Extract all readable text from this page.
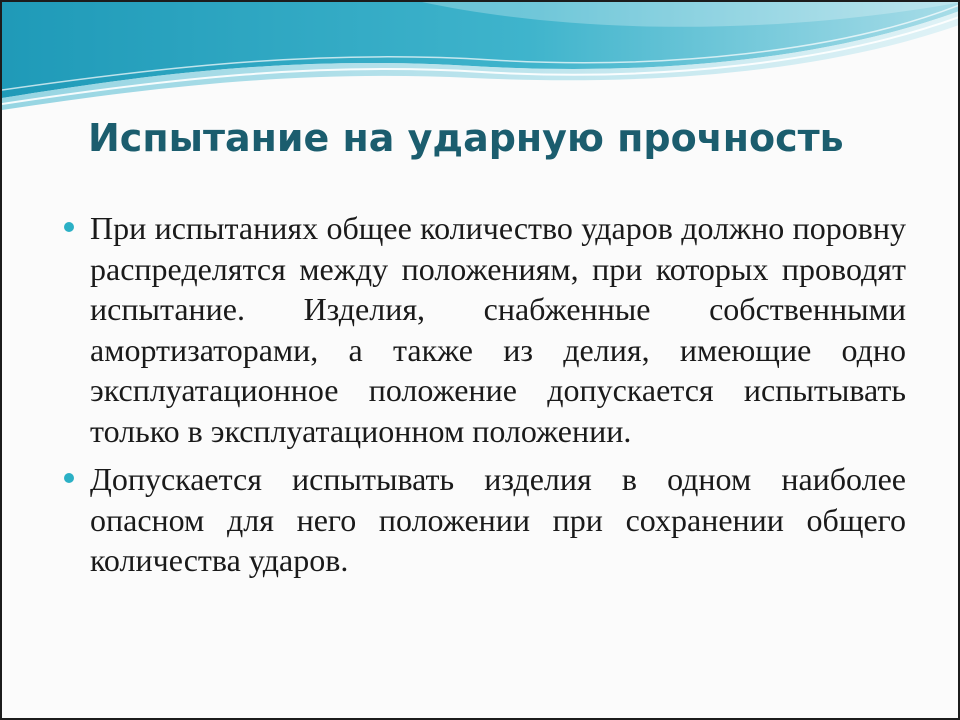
Испытание на ударную прочность
При испытаниях общее количество ударов должно поровну распределятся между положениям, при которых проводят испытание. Изделия, снабженные собственными амортизаторами, а также из делия, имеющие одно эксплуатационное положение допускается испытывать только в эксплуатационном положении.
Допускается испытывать изделия в одном наиболее опасном для него положении при сохранении общего количества ударов.
